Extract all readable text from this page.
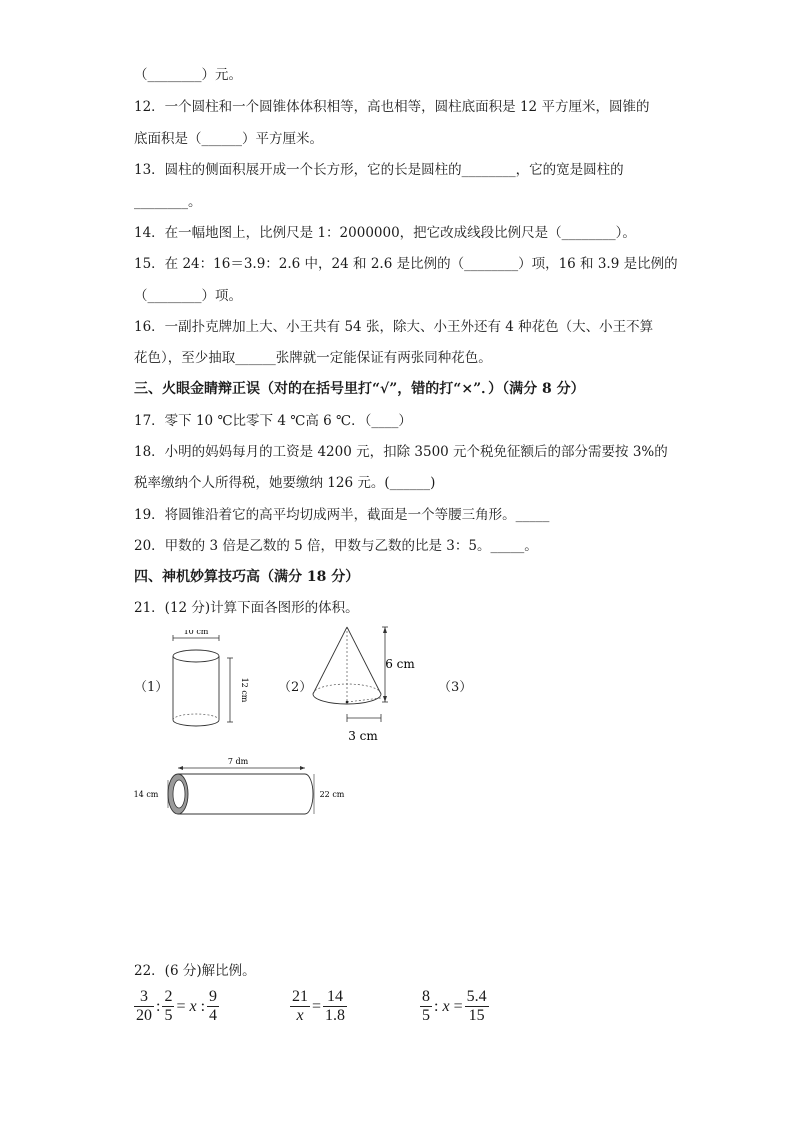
（________）元。
12．一个圆柱和一个圆锥体体积相等，高也相等，圆柱底面积是 12 平方厘米，圆锥的
底面积是（______）平方厘米。
13．圆柱的侧面积展开成一个长方形，它的长是圆柱的________，它的宽是圆柱的
________。
14．在一幅地图上，比例尺是 1：2000000，把它改成线段比例尺是（________）。
15．在 24：16＝3.9：2.6 中，24 和 2.6 是比例的（________）项，16 和 3.9 是比例的
（________）项。
16．一副扑克牌加上大、小王共有 54 张，除大、小王外还有 4 种花色（大、小王不算
花色），至少抽取______张牌就一定能保证有两张同种花色。
三、火眼金睛辩正误（对的在括号里打“√”，错的打“×”．）（满分 8 分）
17．零下 10 ℃比零下 4 ℃高 6 ℃．（____）
18．小明的妈妈每月的工资是 4200 元，扣除 3500 元个税免征额后的部分需要按 3%的
税率缴纳个人所得税，她要缴纳 126 元。(______)
19．将圆锥沿着它的高平均切成两半，截面是一个等腰三角形。_____
20．甲数的 3 倍是乙数的 5 倍，甲数与乙数的比是 3：5。_____。
四、神机妙算技巧高（满分 18 分）
21．(12 分)计算下面各图形的体积。
（1）	（2）	（3）
10 cm
12 cm
6 cm
3 cm
7 dm
14 cm	22 cm
22．(6 分)解比例。
$\frac{3}{20}$ : $\frac{2}{5} = x$ : $\frac{9}{4}$	$\frac{21}{x} = \frac{14}{1.8}$	$\frac{8}{5}$ : $x = \frac{5.4}{15}$
